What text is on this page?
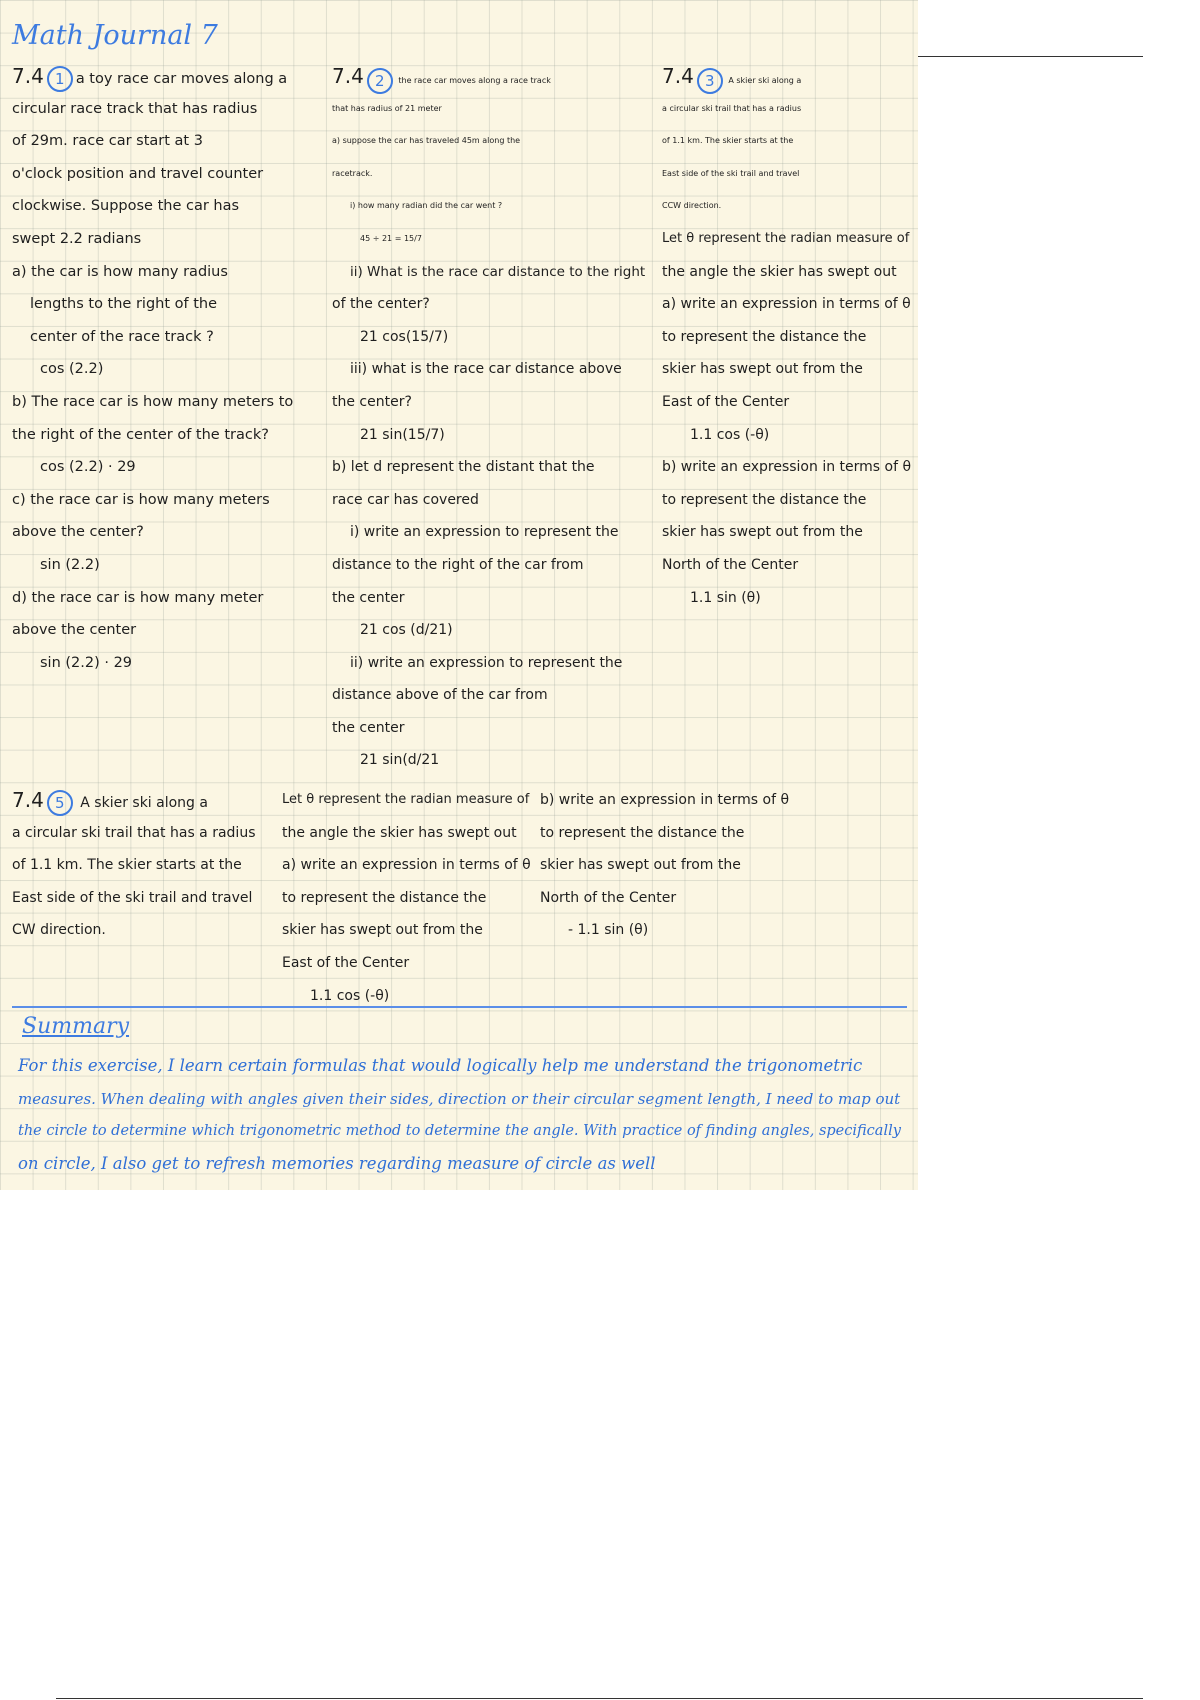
Math Journal 7
7.4 1 a toy race car moves along a
circular race track that has radius
of 29m. race car start at 3
o'clock position and travel counter
clockwise. Suppose the car has
swept 2.2 radians
a) the car is how many radius
lengths to the right of the
center of the race track ?
cos (2.2)
b) The race car is how many meters to
the right of the center of the track?
cos (2.2) · 29
c) the race car is how many meters
above the center?
sin (2.2)
d) the race car is how many meter
above the center
sin (2.2) · 29
7.4 2 the race car moves along a race track
that has radius of 21 meter
a) suppose the car has traveled 45m along the
racetrack.
i) how many radian did the car went ?
45 ÷ 21 = 15/7
ii) What is the race car distance to the right
of the center?
21 cos(15/7)
iii) what is the race car distance above
the center?
21 sin(15/7)
b) let d represent the distant that the
race car has covered
i) write an expression to represent the
distance to the right of the car from
the center
21 cos (d/21)
ii) write an expression to represent the
distance above of the car from
the center
21 sin(d/21
7.4 3 A skier ski along a
a circular ski trail that has a radius
of 1.1 km. The skier starts at the
East side of the ski trail and travel
CCW direction.
Let θ represent the radian measure of
the angle the skier has swept out
a) write an expression in terms of θ
to represent the distance the
skier has swept out from the
East of the Center
1.1 cos (-θ)
b) write an expression in terms of θ
to represent the distance the
skier has swept out from the
North of the Center
1.1 sin (θ)
7.4 5 A skier ski along a
a circular ski trail that has a radius
of 1.1 km. The skier starts at the
East side of the ski trail and travel
CW direction.
Let θ represent the radian measure of
the angle the skier has swept out
a) write an expression in terms of θ
to represent the distance the
skier has swept out from the
East of the Center
1.1 cos (-θ)
b) write an expression in terms of θ
to represent the distance the
skier has swept out from the
North of the Center
- 1.1 sin (θ)
Summary
For this exercise, I learn certain formulas that would logically help me understand the trigonometric
measures. When dealing with angles given their sides, direction or their circular segment length, I need to map out
the circle to determine which trigonometric method to determine the angle. With practice of finding angles, specifically
on circle, I also get to refresh memories regarding measure of circle as well
